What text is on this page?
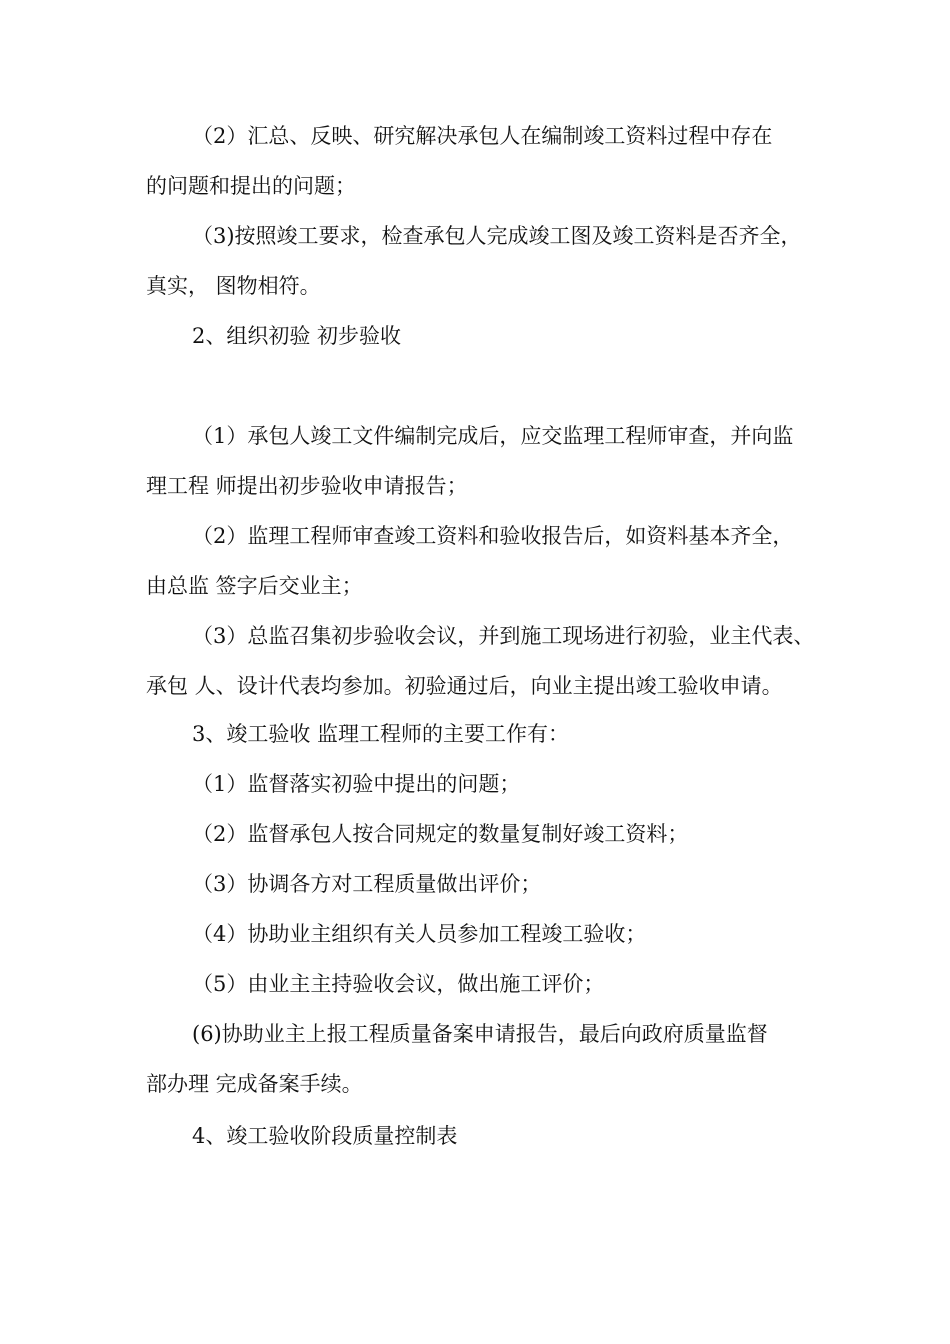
（2）汇总、反映、研究解决承包人在编制竣工资料过程中存在
的问题和提出的问题；
（3)按照竣工要求，检查承包人完成竣工图及竣工资料是否齐全，
真实， 图物相符。
2、组织初验 初步验收
（1）承包人竣工文件编制完成后，应交监理工程师审查，并向监
理工程 师提出初步验收申请报告；
（2）监理工程师审查竣工资料和验收报告后，如资料基本齐全，
由总监 签字后交业主；
（3）总监召集初步验收会议，并到施工现场进行初验，业主代表、
承包 人、设计代表均参加。初验通过后，向业主提出竣工验收申请。
3、竣工验收 监理工程师的主要工作有：
（1）监督落实初验中提出的问题；
（2）监督承包人按合同规定的数量复制好竣工资料；
（3）协调各方对工程质量做出评价；
（4）协助业主组织有关人员参加工程竣工验收；
（5）由业主主持验收会议，做出施工评价；
(6)协助业主上报工程质量备案申请报告，最后向政府质量监督
部办理 完成备案手续。
4、竣工验收阶段质量控制表
